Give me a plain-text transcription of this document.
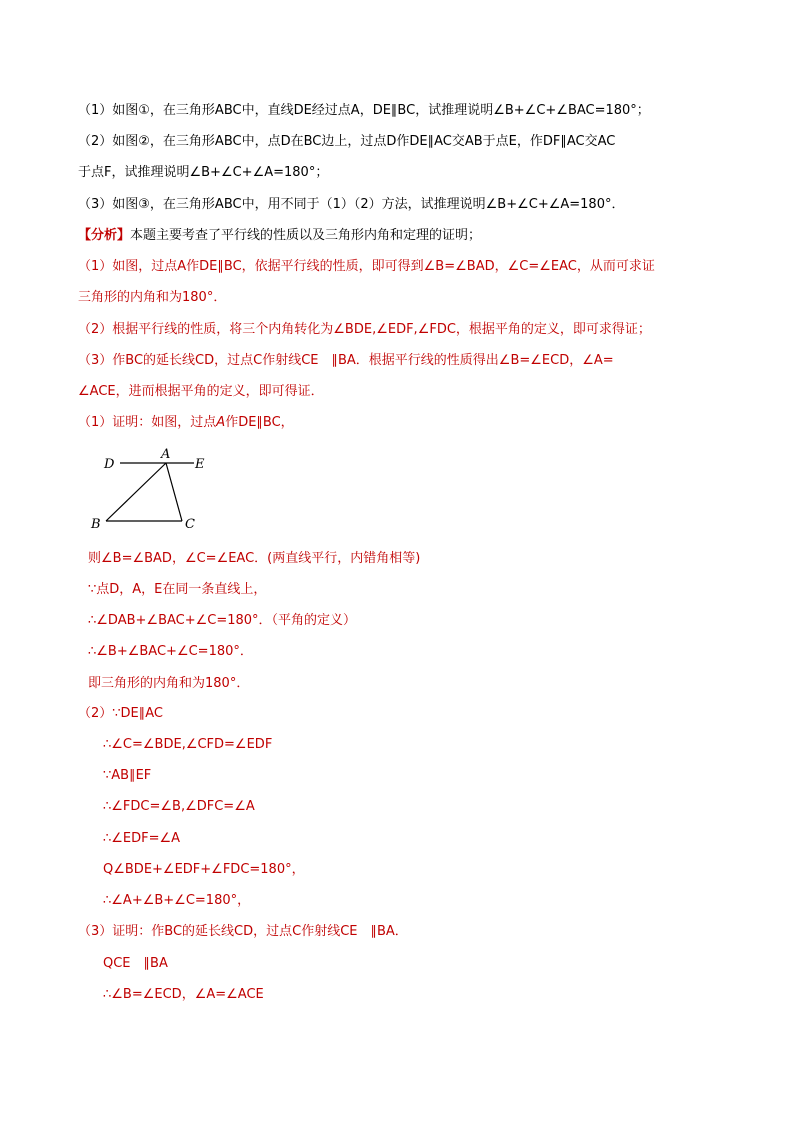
（1）如图①，在三角形ABC中，直线DE经过点A，DE∥BC，试推理说明∠B+∠C+∠BAC=180°；
（2）如图②，在三角形ABC中，点D在BC边上，过点D作DE∥AC交AB于点E，作DF∥AC交AC
于点F，试推理说明∠B+∠C+∠A=180°；
（3）如图③，在三角形ABC中，用不同于（1）（2）方法，试推理说明∠B+∠C+∠A=180°．
【分析】本题主要考查了平行线的性质以及三角形内角和定理的证明；
（1）如图，过点A作DE∥BC，依据平行线的性质，即可得到∠B=∠BAD，∠C=∠EAC，从而可求证
三角形的内角和为180°．
（2）根据平行线的性质，将三个内角转化为∠BDE,∠EDF,∠FDC，根据平角的定义，即可求得证；
（3）作BC的延长线CD，过点C作射线CE　∥BA．根据平行线的性质得出∠B=∠ECD，∠A=
∠ACE，进而根据平角的定义，即可得证．
（1）证明：如图，过点A作DE∥BC，
D
A
E
B	C
则∠B=∠BAD，∠C=∠EAC．(两直线平行，内错角相等)
∵点D，A，E在同一条直线上，
∴∠DAB+∠BAC+∠C=180°．（平角的定义）
∴∠B+∠BAC+∠C=180°．
即三角形的内角和为180°．
（2）∵DE∥AC
∴∠C=∠BDE,∠CFD=∠EDF
∵AB∥EF
∴∠FDC=∠B,∠DFC=∠A
∴∠EDF=∠A
Q∠BDE+∠EDF+∠FDC=180°，
∴∠A+∠B+∠C=180°，
（3）证明：作BC的延长线CD，过点C作射线CE　∥BA．
QCE　∥BA
∴∠B=∠ECD，∠A=∠ACE
